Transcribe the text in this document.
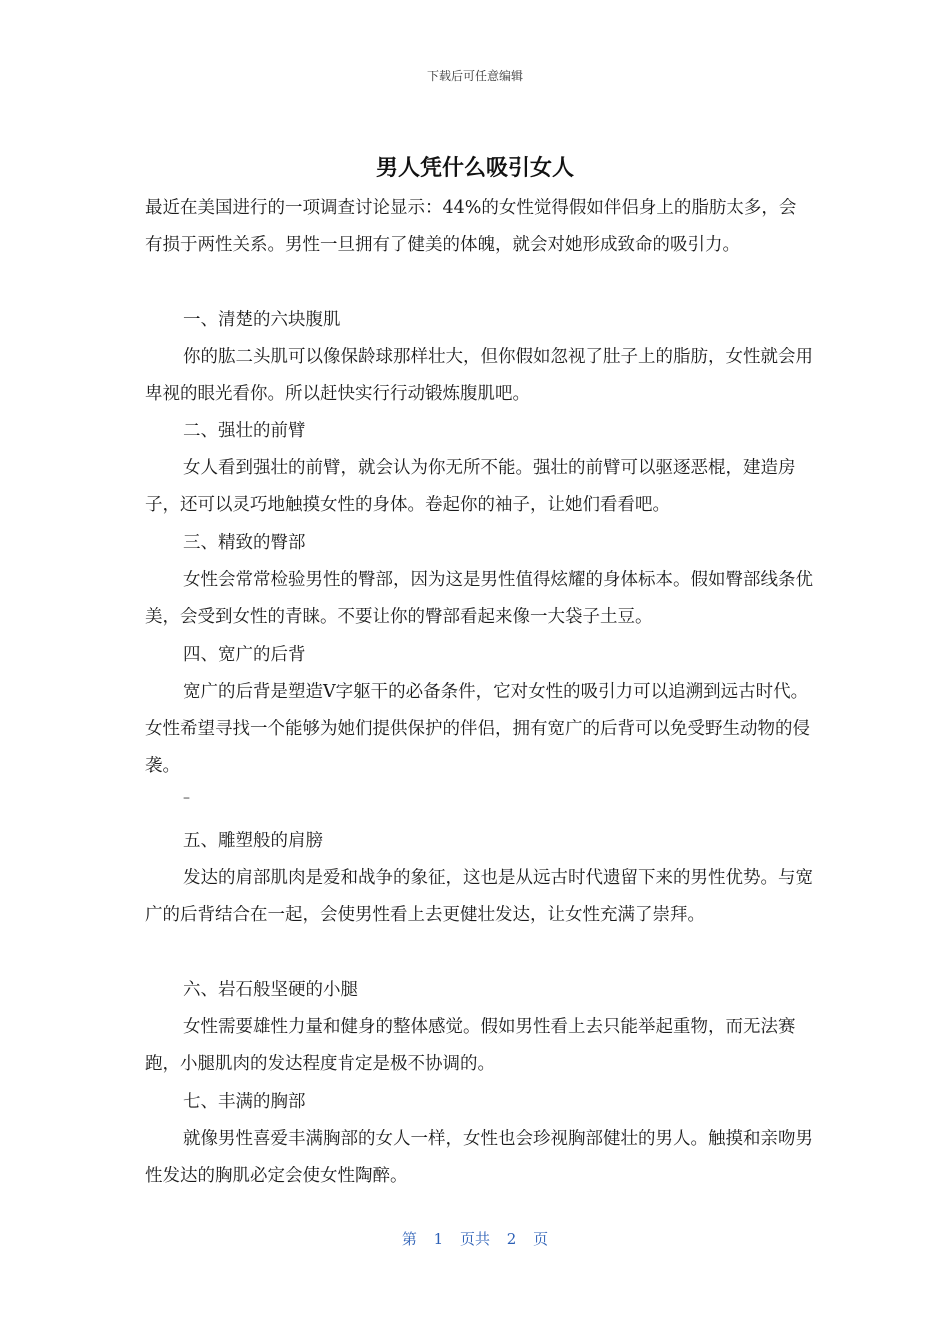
下载后可任意编辑
男人凭什么吸引女人

最近在美国进行的一项调查讨论显示：44%的女性觉得假如伴侣身上的脂肪太多，会有损于两性关系。男性一旦拥有了健美的体魄，就会对她形成致命的吸引力。

一、清楚的六块腹肌

你的肱二头肌可以像保龄球那样壮大，但你假如忽视了肚子上的脂肪，女性就会用卑视的眼光看你。所以赶快实行行动锻炼腹肌吧。

二、强壮的前臂

女人看到强壮的前臂，就会认为你无所不能。强壮的前臂可以驱逐恶棍，建造房子，还可以灵巧地触摸女性的身体。卷起你的袖子，让她们看看吧。

三、精致的臀部

女性会常常检验男性的臀部，因为这是男性值得炫耀的身体标本。假如臀部线条优美，会受到女性的青睐。不要让你的臀部看起来像一大袋子土豆。

四、宽广的后背

宽广的后背是塑造V字躯干的必备条件，它对女性的吸引力可以追溯到远古时代。女性希望寻找一个能够为她们提供保护的伴侣，拥有宽广的后背可以免受野生动物的侵袭。

–

五、雕塑般的肩膀

发达的肩部肌肉是爱和战争的象征，这也是从远古时代遗留下来的男性优势。与宽广的后背结合在一起，会使男性看上去更健壮发达，让女性充满了崇拜。

六、岩石般坚硬的小腿

女性需要雄性力量和健身的整体感觉。假如男性看上去只能举起重物，而无法赛跑，小腿肌肉的发达程度肯定是极不协调的。

七、丰满的胸部

就像男性喜爱丰满胸部的女人一样，女性也会珍视胸部健壮的男人。触摸和亲吻男性发达的胸肌必定会使女性陶醉。

第 1 页共 2 页
